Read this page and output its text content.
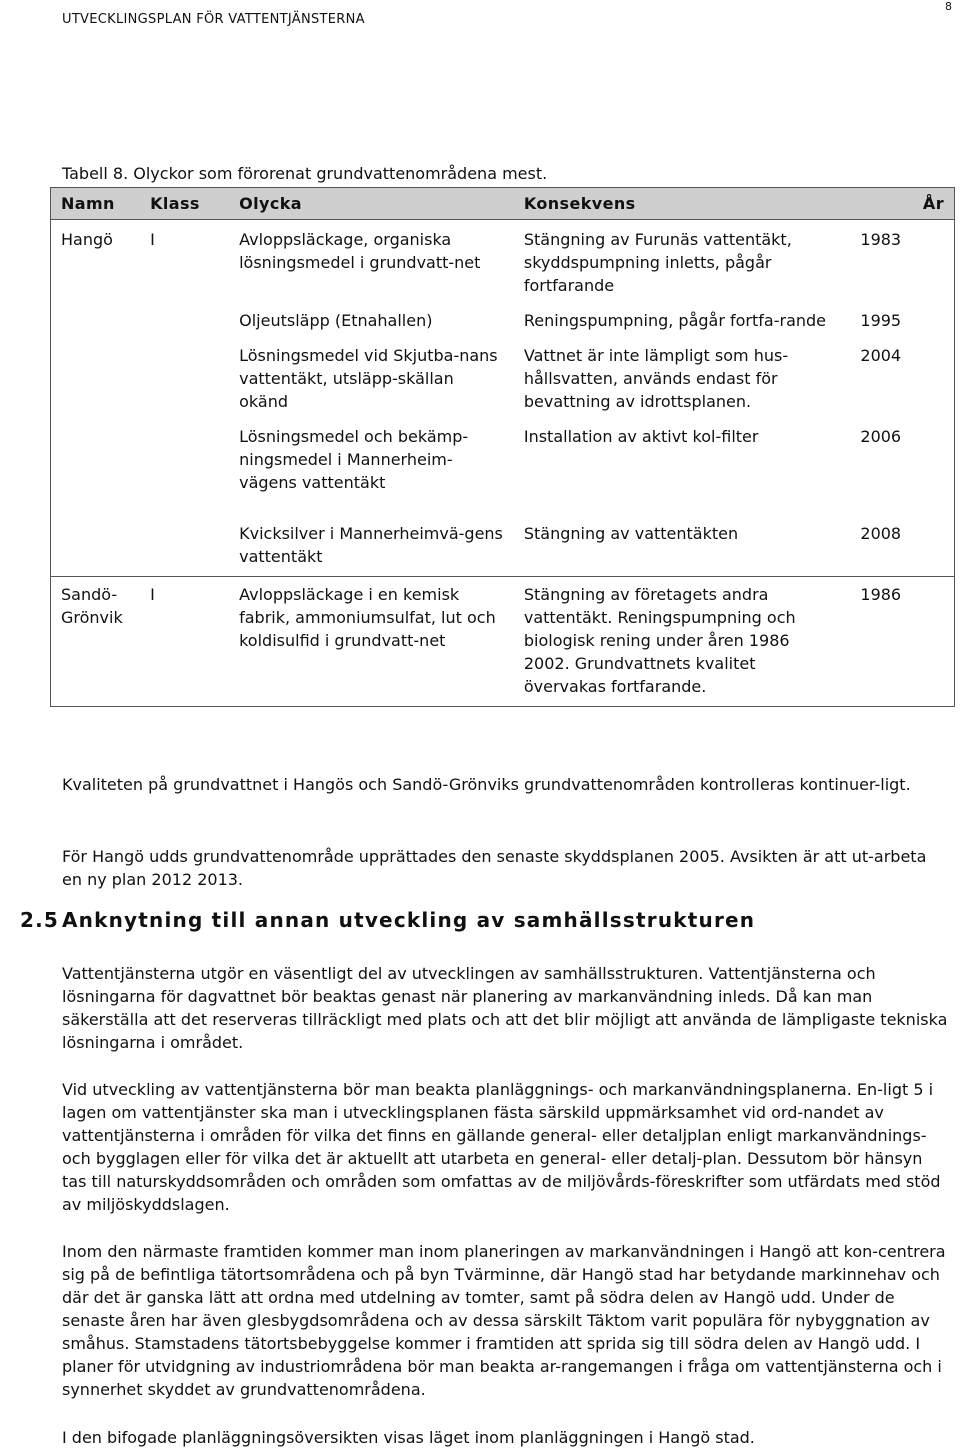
UTVECKLINGSPLAN FÖR VATTENTJÄNSTERNA
8
Tabell 8. Olyckor som förorenat grundvattenområdena mest.
Namn	Klass	Olycka	Konsekvens	År
Hangö	I	Avloppsläckage, organiska lösningsmedel i grundvatt-net	Stängning av Furunäs vattentäkt, skyddspumpning inletts, pågår fortfarande	1983

		Oljeutsläpp (Etnahallen)	Reningspumpning, pågår fortfa-rande	1995

		Lösningsmedel vid Skjutba-nans vattentäkt, utsläpp-skällan okänd	Vattnet är inte lämpligt som hus-hållsvatten, används endast för bevattning av idrottsplanen.	2004

		Lösningsmedel och bekämp-ningsmedel i Mannerheim-vägens vattentäkt	Installation av aktivt kol-filter	2006

		Kvicksilver i Mannerheimvä-gens vattentäkt	Stängning av vattentäkten	2008

Sandö-Grönvik	I	Avloppsläckage i en kemisk fabrik, ammoniumsulfat, lut och koldisulfid i grundvatt-net	Stängning av företagets andra vattentäkt. Reningspumpning och biologisk rening under åren 1986 2002. Grundvattnets kvalitet övervakas fortfarande.	1986

Kvaliteten på grundvattnet i Hangös och Sandö-Grönviks grundvattenområden kontrolleras kontinuer-ligt.

För Hangö udds grundvattenområde upprättades den senaste skyddsplanen 2005. Avsikten är att ut-arbeta en ny plan 2012 2013.

2.5 Anknytning till annan utveckling av samhällsstrukturen

Vattentjänsterna utgör en väsentligt del av utvecklingen av samhällsstrukturen. Vattentjänsterna och lösningarna för dagvattnet bör beaktas genast när planering av markanvändning inleds. Då kan man säkerställa att det reserveras tillräckligt med plats och att det blir möjligt att använda de lämpligaste tekniska lösningarna i området.

Vid utveckling av vattentjänsterna bör man beakta planläggnings- och markanvändningsplanerna. En-ligt 5 i lagen om vattentjänster ska man i utvecklingsplanen fästa särskild uppmärksamhet vid ord-nandet av vattentjänsterna i områden för vilka det finns en gällande general- eller detaljplan enligt markanvändnings- och bygglagen eller för vilka det är aktuellt att utarbeta en general- eller detalj-plan. Dessutom bör hänsyn tas till naturskyddsområden och områden som omfattas av de miljövårds-föreskrifter som utfärdats med stöd av miljöskyddslagen.

Inom den närmaste framtiden kommer man inom planeringen av markanvändningen i Hangö att kon-centrera sig på de befintliga tätortsområdena och på byn Tvärminne, där Hangö stad har betydande markinnehav och där det är ganska lätt att ordna med utdelning av tomter, samt på södra delen av Hangö udd. Under de senaste åren har även glesbygdsområdena och av dessa särskilt Täktom varit populära för nybyggnation av småhus. Stamstadens tätortsbebyggelse kommer i framtiden att sprida sig till södra delen av Hangö udd. I planer för utvidgning av industriområdena bör man beakta ar-rangemangen i fråga om vattentjänsterna och i synnerhet skyddet av grundvattenområdena.

I den bifogade planläggningsöversikten visas läget inom planläggningen i Hangö stad.
